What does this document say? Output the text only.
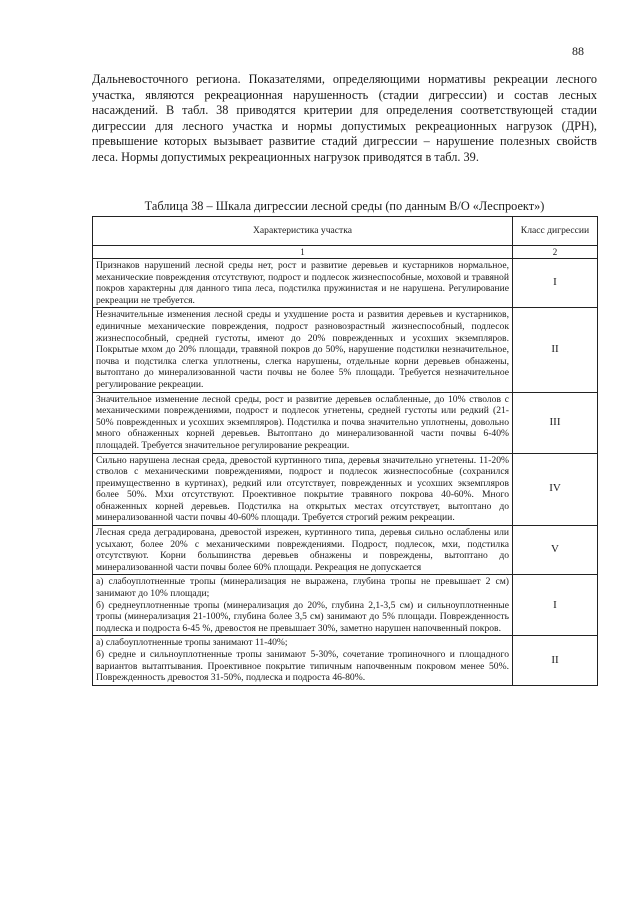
88

Дальневосточного региона. Показателями, определяющими нормативы рекреации лесного участка, являются рекреационная нарушенность (стадии дигрессии) и состав лесных насаждений. В табл. 38 приводятся критерии для определения соответствующей стадии дигрессии для лесного участка и нормы допустимых рекреационных нагрузок (ДРН), превышение которых вызывает развитие стадий дигрессии – нарушение полезных свойств леса. Нормы допустимых рекреационных нагрузок приводятся в табл. 39.

Таблица 38 – Шкала дигрессии лесной среды (по данным В/О «Леспроект»)

Характеристика участка	Класс дигрессии
1	2
Признаков нарушений лесной среды нет, рост и развитие деревьев и кустарников нормальное, механические повреждения отсутствуют, подрост и подлесок жизнеспособные, моховой и травяной покров характерны для данного типа леса, подстилка пружинистая и не нарушена. Регулирование рекреации не требуется.	I
Незначительные изменения лесной среды и ухудшение роста и развития деревьев и кустарников, единичные механические повреждения, подрост разновозрастный жизнеспособный, подлесок жизнеспособный, средней густоты, имеют до 20% поврежденных и усохших экземпляров. Покрытые мхом до 20% площади, травяной покров до 50%, нарушение подстилки незначительное, почва и подстилка слегка уплотнены, слегка нарушены, отдельные корни деревьев обнажены, вытоптано до минерализованной части почвы не более 5% площади. Требуется незначительное регулирование рекреации.	II
Значительное изменение лесной среды, рост и развитие деревьев ослабленные, до 10% стволов с механическими повреждениями, подрост и подлесок угнетены, средней густоты или редкий (21-50% поврежденных и усохших экземпляров). Подстилка и почва значительно уплотнены, довольно много обнаженных корней деревьев. Вытоптано до минерализованной части почвы 6-40% площадей. Требуется значительное регулирование рекреации.	III
Сильно нарушена лесная среда, древостой куртинного типа, деревья значительно угнетены. 11-20% стволов с механическими повреждениями, подрост и подлесок жизнеспособные (сохранился преимущественно в куртинах), редкий или отсутствует, поврежденных и усохших экземпляров более 50%. Мхи отсутствуют. Проективное покрытие травяного покрова 40-60%. Много обнаженных корней деревьев. Подстилка на открытых местах отсутствует, вытоптано до минерализованной части почвы 40-60% площади. Требуется строгий режим рекреации.	IV
Лесная среда деградирована, древостой изрежен, куртинного типа, деревья сильно ослаблены или усыхают, более 20% с механическими повреждениями. Подрост, подлесок, мхи, подстилка отсутствуют. Корни большинства деревьев обнажены и повреждены, вытоптано до минерализованной части почвы более 60% площади. Рекреация не допускается	V
а) слабоуплотненные тропы (минерализация не выражена, глубина тропы не превышает 2 см) занимают до 10% площади;
б) среднеуплотненные тропы (минерализация до 20%, глубина 2,1-3,5 см) и сильноуплотненные тропы (минерализация 21-100%, глубина более 3,5 см) занимают до 5% площади. Поврежденность подлеска и подроста 6-45 %, древостоя не превышает 30%, заметно нарушен напочвенный покров.	I
а) слабоуплотненные тропы занимают 11-40%;
б) средне и сильноуплотненные тропы занимают 5-30%, сочетание тропиночного и площадного вариантов вытаптывания. Проективное покрытие типичным напочвенным покровом менее 50%. Поврежденность древостоя 31-50%, подлеска и подроста 46-80%.	II
